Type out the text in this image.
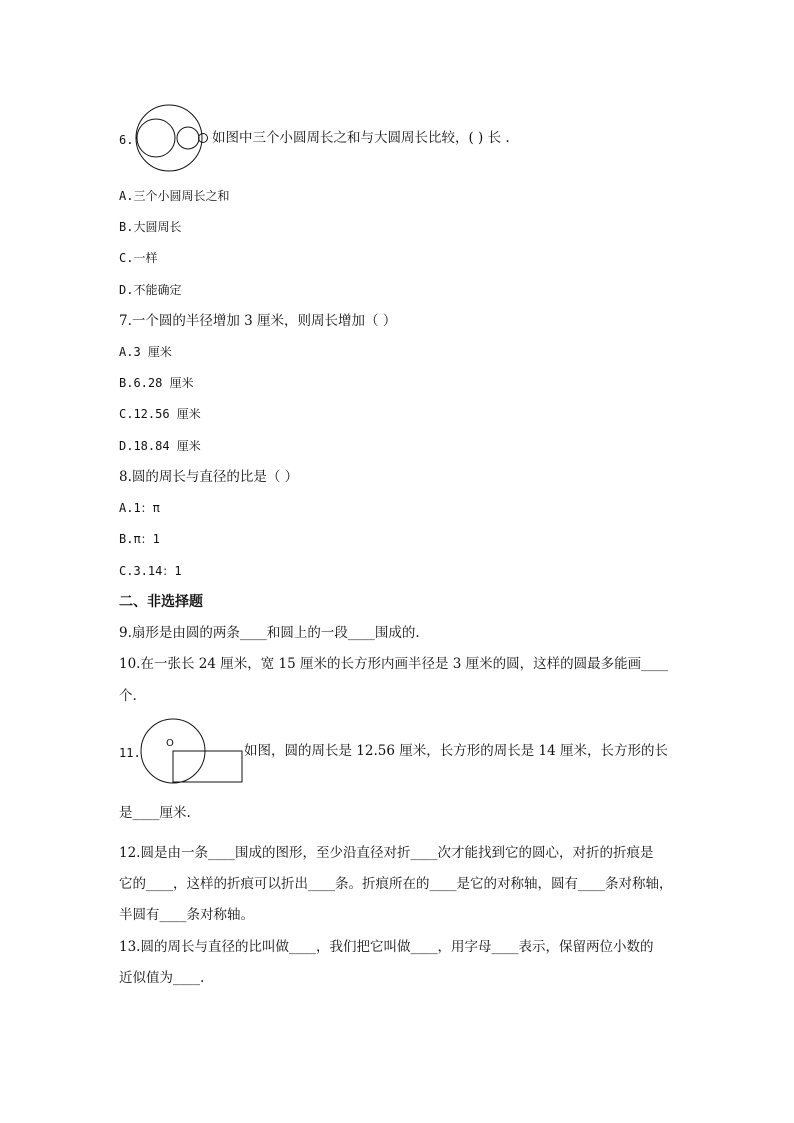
6.	如图中三个小圆周长之和与大圆周长比较，( ) 长 .
A.三个小圆周长之和
B.大圆周长
C.一样
D.不能确定
7.一个圆的半径增加 3 厘米，则周长增加（ ）
A.3 厘米
B.6.28 厘米
C.12.56 厘米
D.18.84 厘米
8.圆的周长与直径的比是（ ）
A.1：π
B.π：1
C.3.14：1
二、非选择题
9.扇形是由圆的两条____和圆上的一段____围成的.
10.在一张长 24 厘米，宽 15 厘米的长方形内画半径是 3 厘米的圆，这样的圆最多能画____
个.
11.
O	如图，圆的周长是 12.56 厘米，长方形的周长是 14 厘米，长方形的长
是____厘米.
12.圆是由一条____围成的图形，至少沿直径对折____次才能找到它的圆心，对折的折痕是
它的____，这样的折痕可以折出____条。折痕所在的____是它的对称轴，圆有____条对称轴，
半圆有____条对称轴。
13.圆的周长与直径的比叫做____，我们把它叫做____，用字母____表示，保留两位小数的
近似值为____.
